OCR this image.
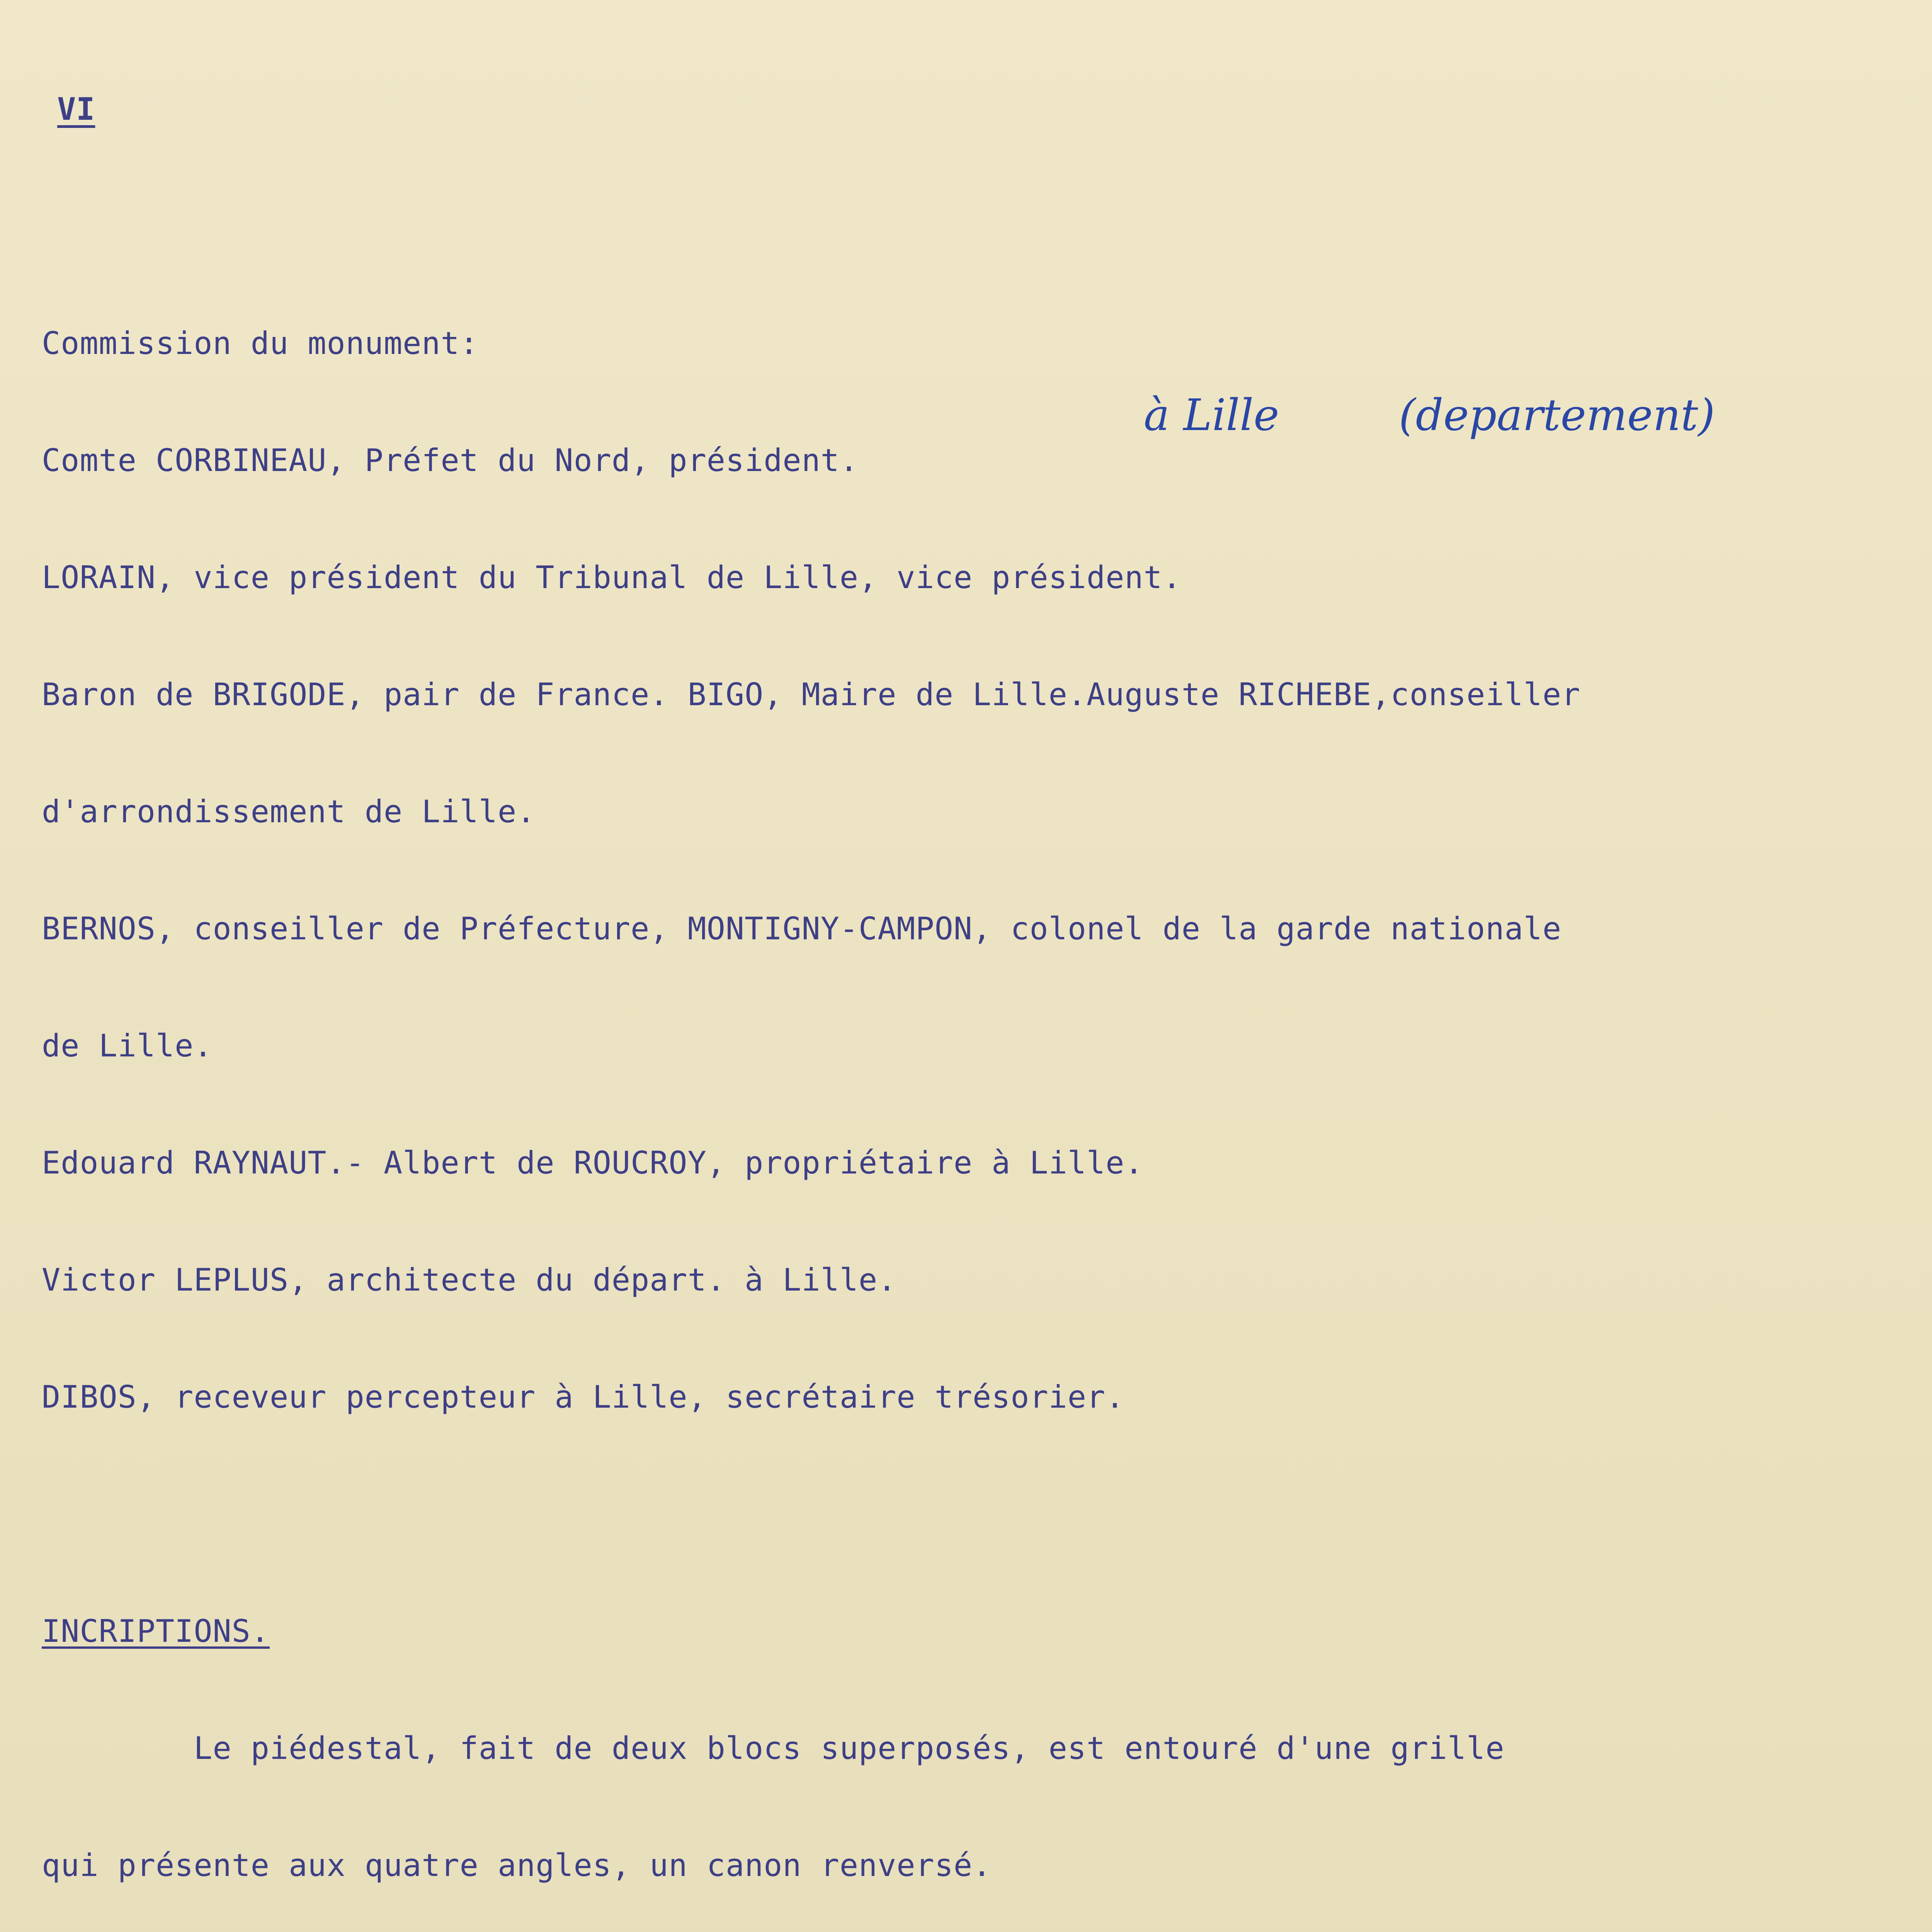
VI

Commission du monument:

Comte CORBINEAU, Préfet du Nord, président.

LORAIN, vice président du Tribunal de Lille, vice président.

Baron de BRIGODE, pair de France. BIGO, Maire de Lille.Auguste RICHEBE,conseiller

d'arrondissement de Lille.

BERNOS, conseiller de Préfecture, MONTIGNY-CAMPON, colonel de la garde nationale

de Lille.

Edouard RAYNAUT.- Albert de ROUCROY, propriétaire à Lille.

Victor LEPLUS, architecte du départ. à Lille.

DIBOS, receveur percepteur à Lille, secrétaire trésorier.

INCRIPTIONS.

Le piédestal, fait de deux blocs superposés, est entouré d'une grille

qui présente aux quatre angles, un canon renversé.

à Lille	(departement)
